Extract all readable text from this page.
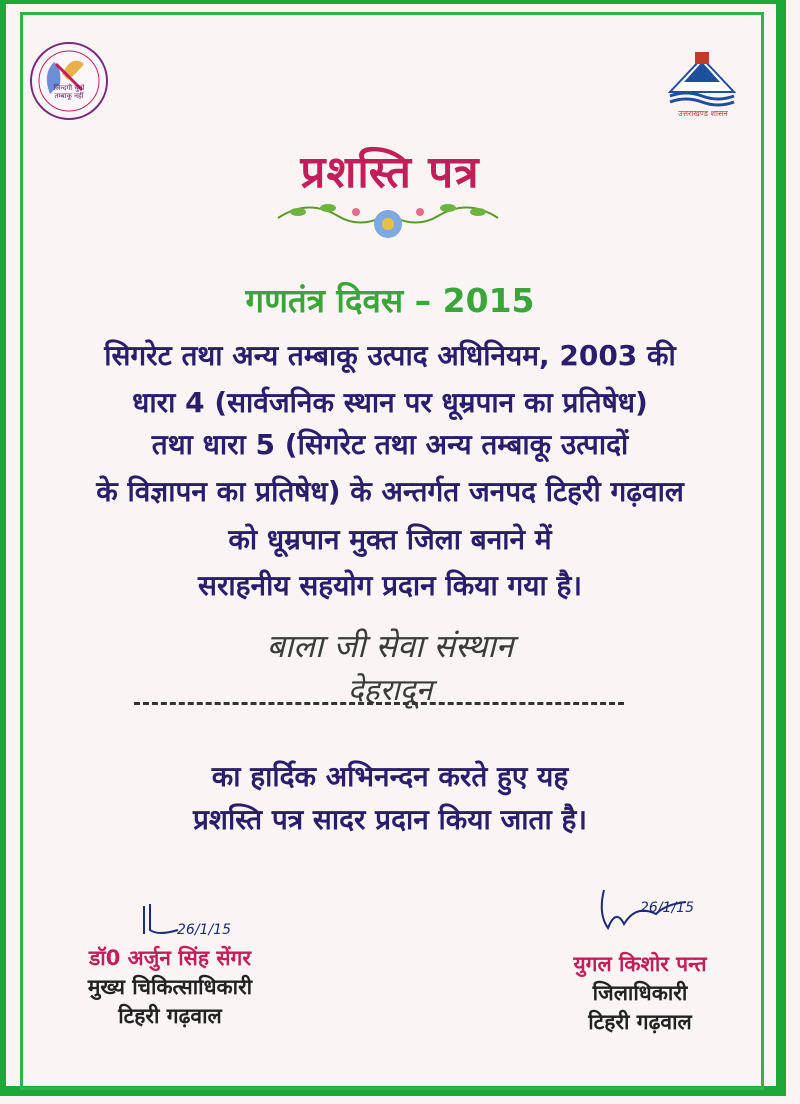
जिन्दगी चुनो तम्बाकू नहीं
उत्तराखण्ड शासन
प्रशस्ति पत्र
गणतंत्र दिवस – 2015
सिगरेट तथा अन्य तम्बाकू उत्पाद अधिनियम, 2003 की
धारा 4 (सार्वजनिक स्थान पर धूम्रपान का प्रतिषेध)
तथा धारा 5 (सिगरेट तथा अन्य तम्बाकू उत्पादों
के विज्ञापन का प्रतिषेध) के अन्तर्गत जनपद टिहरी गढ़वाल
को धूम्रपान मुक्त जिला बनाने में
सराहनीय सहयोग प्रदान किया गया है।
बाला जी सेवा संस्थान
देहरादून
का हार्दिक अभिनन्दन करते हुए यह
प्रशस्ति पत्र सादर प्रदान किया जाता है।
26/1/15
डॉ0 अर्जुन सिंह सेंगर
मुख्य चिकित्साधिकारी
टिहरी गढ़वाल
26/1/15
युगल किशोर पन्त
जिलाधिकारी
टिहरी गढ़वाल
